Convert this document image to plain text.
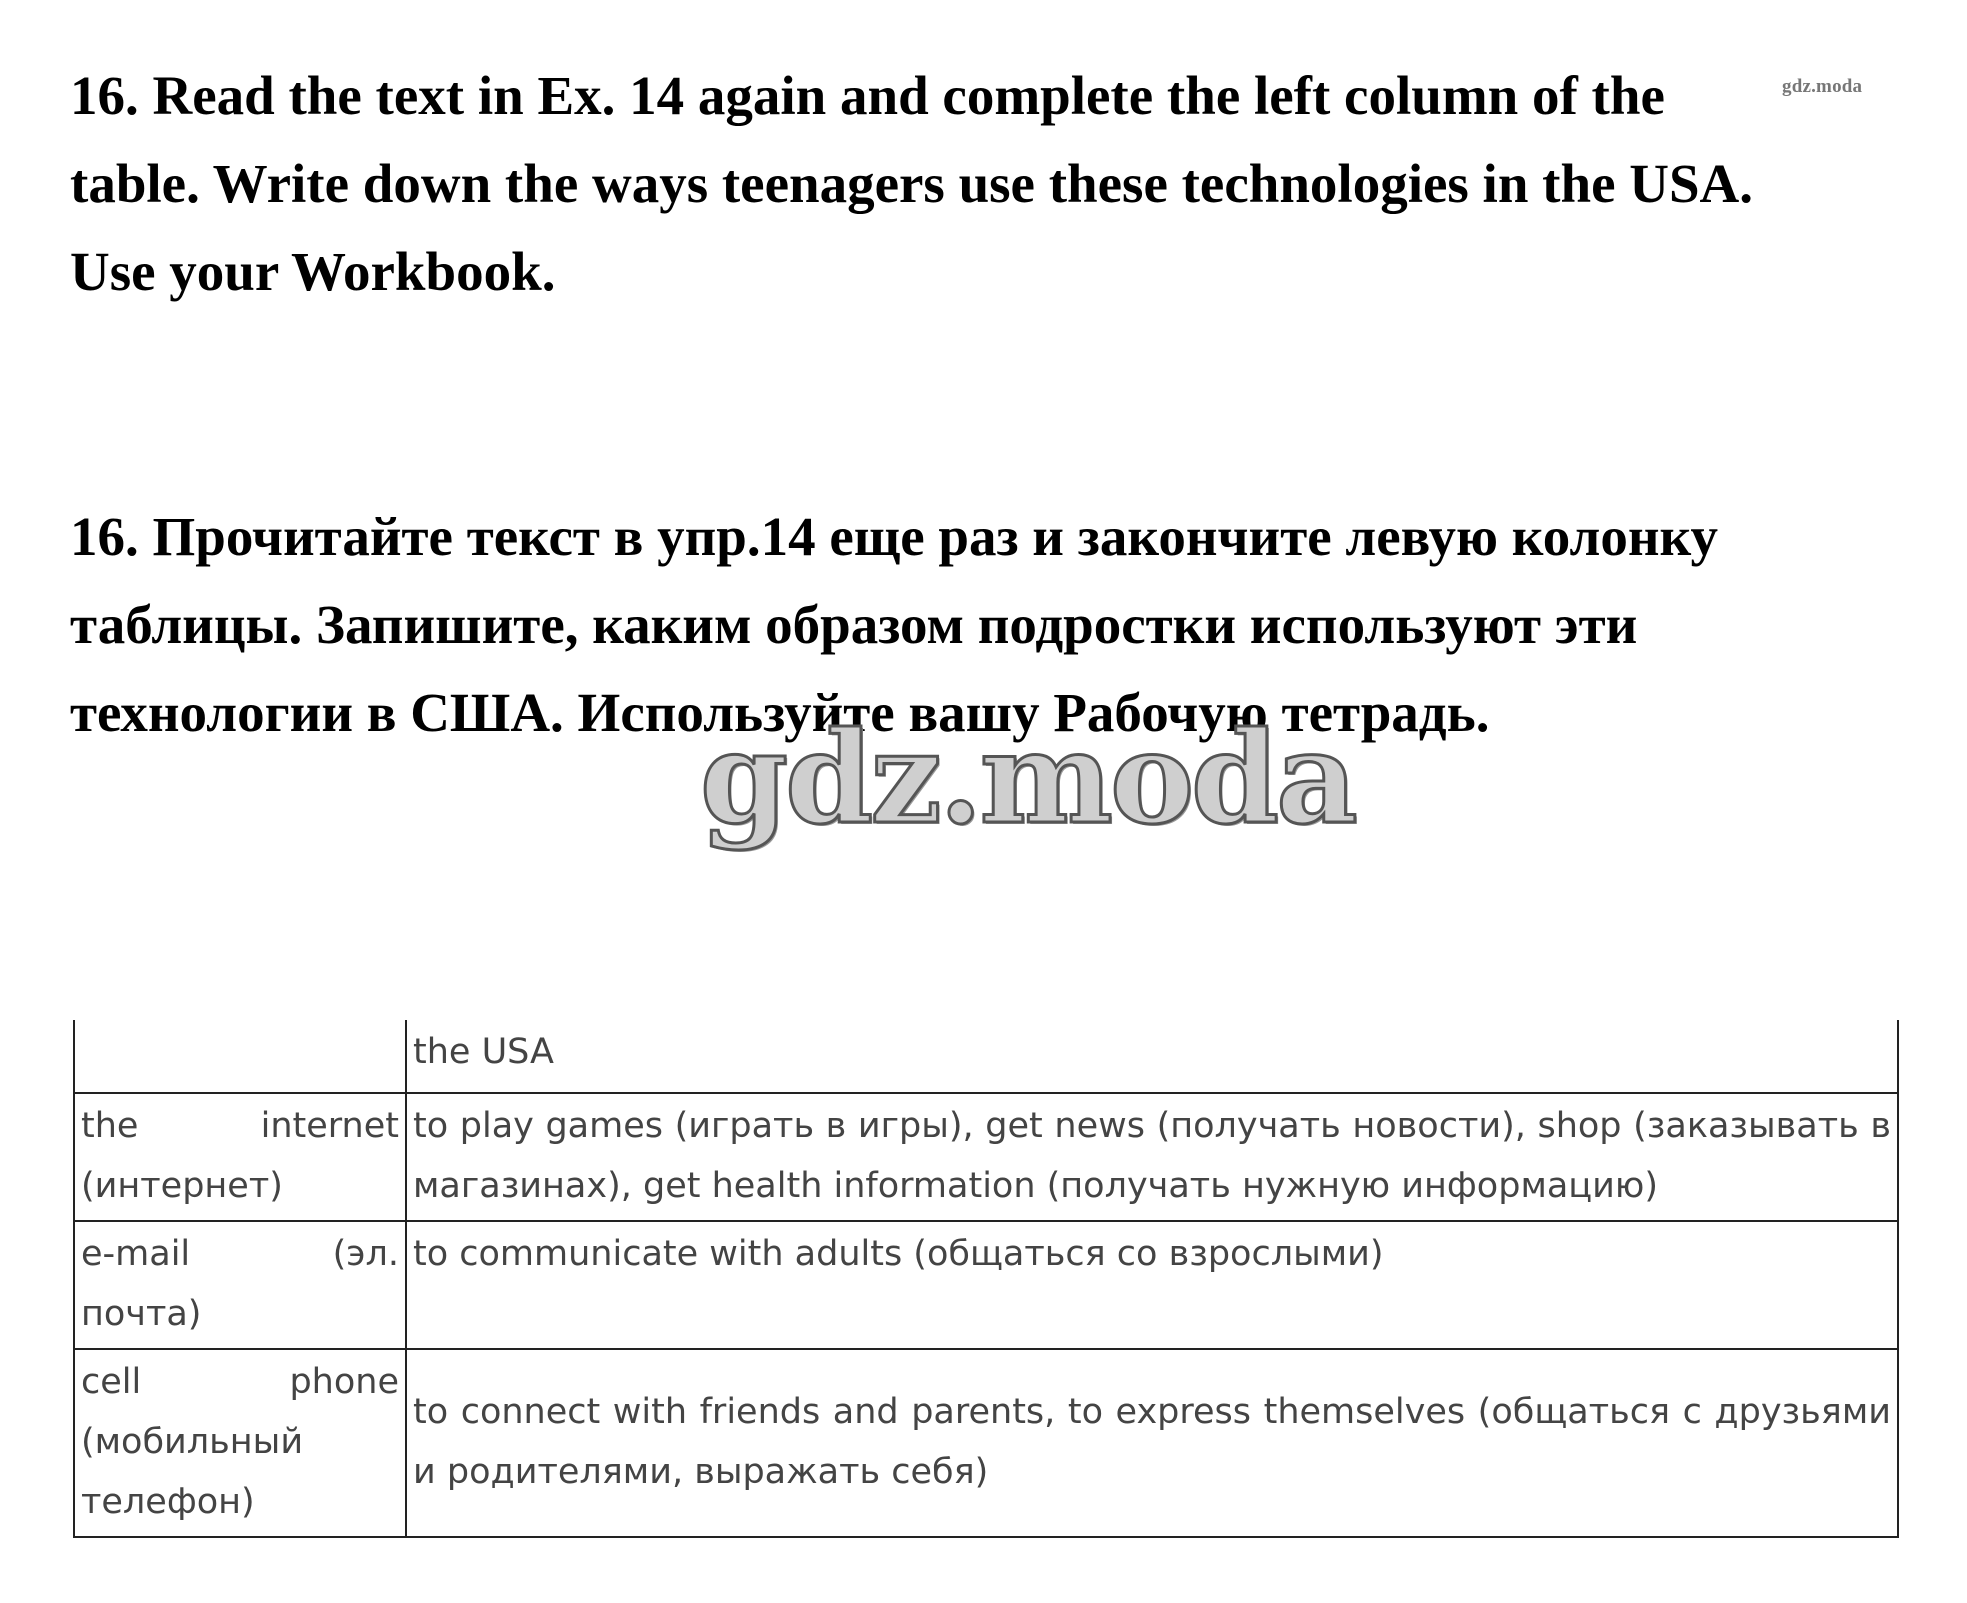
gdz.moda

16. Read the text in Ex. 14 again and complete the left column of the table. Write down the ways teenagers use these technologies in the USA. Use your Workbook.

16. Прочитайте текст в упр.14 еще раз и закончите левую колонку таблицы. Запишите, каким образом подростки используют эти технологии в США. Используйте вашу Рабочую тетрадь.

gdz.moda
	the USA
the internet (интернет)	to play games (играть в игры), get news (получать новости), shop (заказывать в магазинах), get health information (получать нужную информацию)
e-mail (эл. почта)	to communicate with adults (общаться со взрослыми)
cell phone (мобильный телефон)	to connect with friends and parents, to express themselves (общаться с друзьями и родителями, выражать себя)
